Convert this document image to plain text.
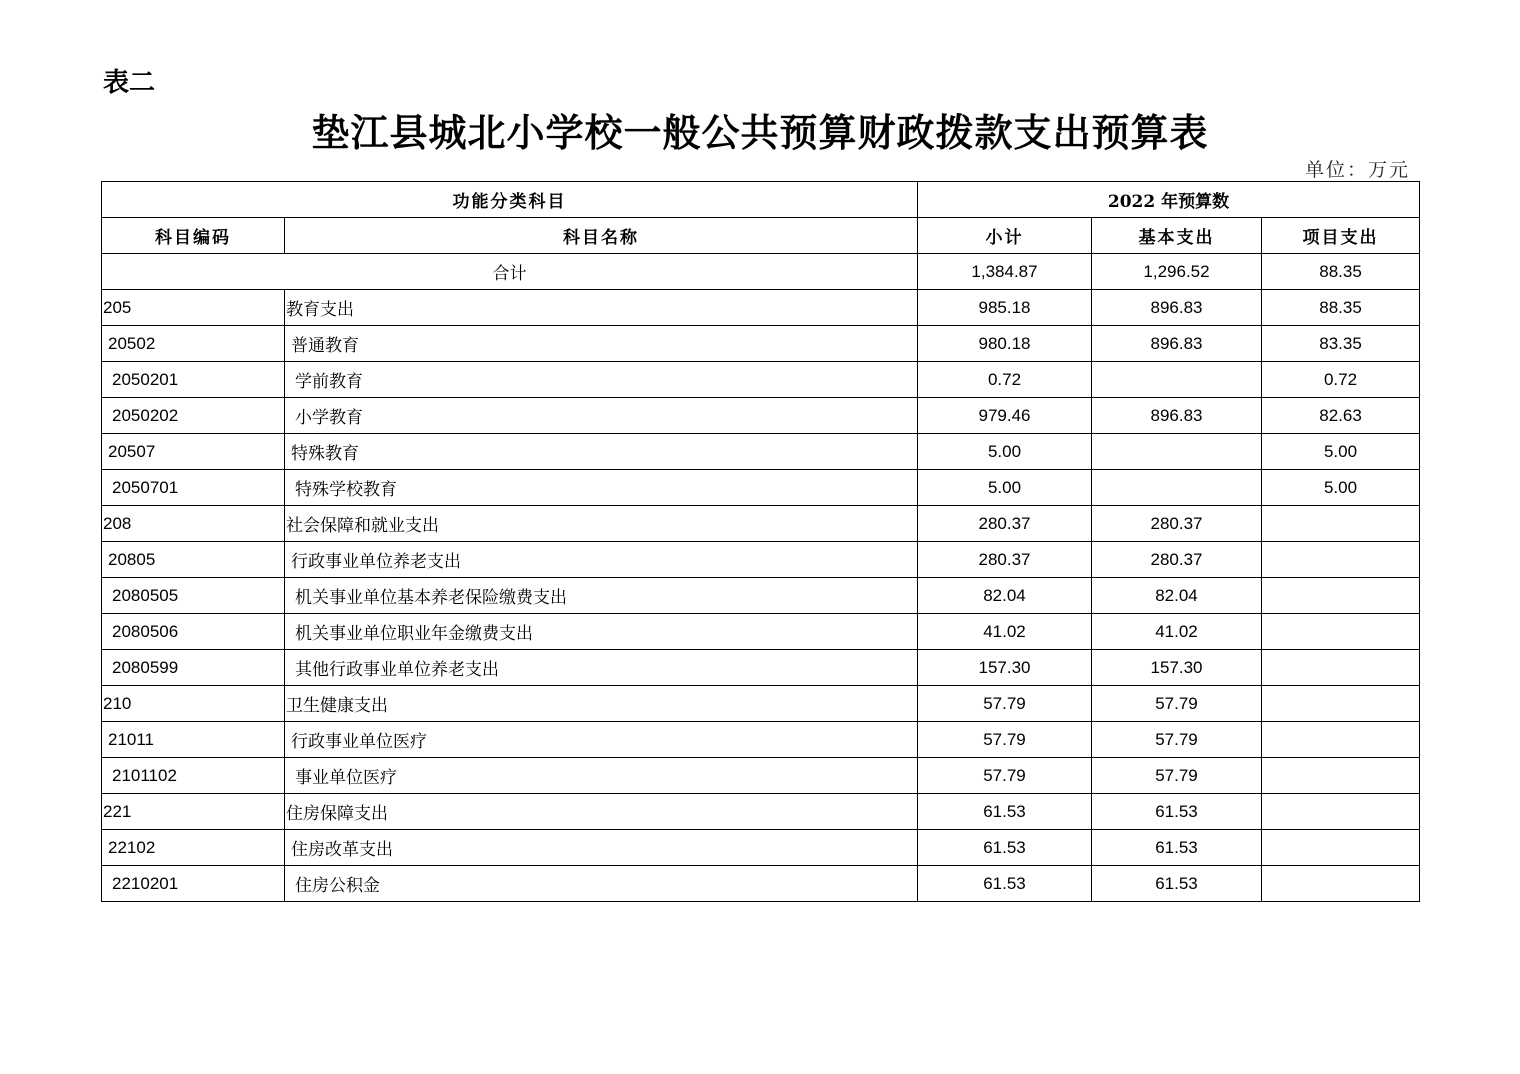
表二
垫江县城北小学校一般公共预算财政拨款支出预算表
单位：万元
功能分类科目		2022 年预算数		
科目编码	科目名称	小计	基本支出	项目支出
合计		1,384.87	1,296.52	88.35
205	教育支出	985.18	896.83	88.35
20502	普通教育	980.18	896.83	83.35
2050201	学前教育	0.72		0.72
2050202	小学教育	979.46	896.83	82.63
20507	特殊教育	5.00		5.00
2050701	特殊学校教育	5.00		5.00
208	社会保障和就业支出	280.37	280.37	
20805	行政事业单位养老支出	280.37	280.37	
2080505	机关事业单位基本养老保险缴费支出	82.04	82.04	
2080506	机关事业单位职业年金缴费支出	41.02	41.02	
2080599	其他行政事业单位养老支出	157.30	157.30	
210	卫生健康支出	57.79	57.79	
21011	行政事业单位医疗	57.79	57.79	
2101102	事业单位医疗	57.79	57.79	
221	住房保障支出	61.53	61.53	
22102	住房改革支出	61.53	61.53	
2210201	住房公积金	61.53	61.53	
